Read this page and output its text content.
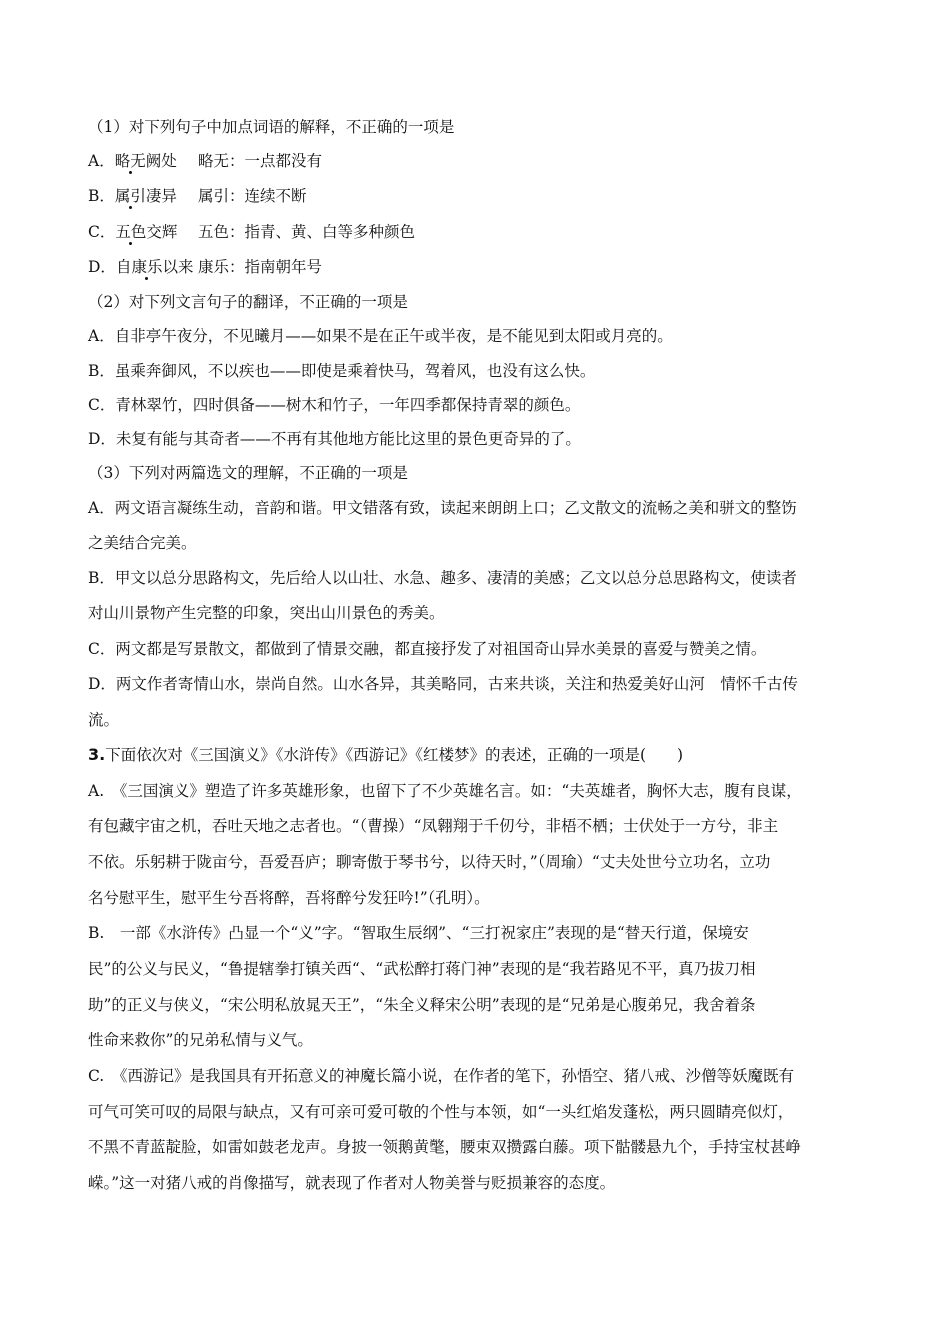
（1）对下列句子中加点词语的解释，不正确的一项是
A．略无阙处 略无：一点都没有
B．属引凄异 属引：连续不断
C．五色交辉 五色：指青、黄、白等多种颜色
D．自康乐以来 康乐：指南朝年号
（2）对下列文言句子的翻译，不正确的一项是
A．自非亭午夜分，不见曦月——如果不是在正午或半夜，是不能见到太阳或月亮的。
B．虽乘奔御风，不以疾也——即使是乘着快马，驾着风，也没有这么快。
C．青林翠竹，四时俱备——树木和竹子，一年四季都保持青翠的颜色。
D．未复有能与其奇者——不再有其他地方能比这里的景色更奇异的了。
（3）下列对两篇选文的理解，不正确的一项是
A．两文语言凝练生动，音韵和谐。甲文错落有致，读起来朗朗上口；乙文散文的流畅之美和骈文的整饬
之美结合完美。
B．甲文以总分思路构文，先后给人以山壮、水急、趣多、凄清的美感；乙文以总分总思路构文，使读者
对山川景物产生完整的印象，突出山川景色的秀美。
C．两文都是写景散文，都做到了情景交融，都直接抒发了对祖国奇山异水美景的喜爱与赞美之情。
D．两文作者寄情山水，崇尚自然。山水各异，其美略同，古来共谈，关注和热爱美好山河　情怀千古传
流。
3.下面依次对《三国演义》《水浒传》《西游记》《红楼梦》的表述，正确的一项是(　　)
A.　《三国演义》塑造了许多英雄形象，也留下了不少英雄名言。如：“夫英雄者，胸怀大志，腹有良谋，
有包藏宇宙之机，吞吐天地之志者也。“（曹操）“凤翱翔于千仞兮，非梧不栖；士伏处于一方兮，非主
不依。乐躬耕于陇亩兮，吾爱吾庐；聊寄傲于琴书兮，以待天时，”（周瑜）“丈夫处世兮立功名，立功
名兮慰平生，慰平生兮吾将醉，吾将醉兮发狂吟!”（孔明）。
B.　一部《水浒传》凸显一个“义”字。“智取生辰纲”、“三打祝家庄”表现的是“替天行道，保境安
民”的公义与民义，“鲁提辖拳打镇关西“、“武松醉打蒋门神”表现的是“我若路见不平，真乃拔刀相
助”的正义与侠义，“宋公明私放晁天王”，“朱全义释宋公明”表现的是“兄弟是心腹弟兄，我舍着条
性命来救你”的兄弟私情与义气。
C.　《西游记》是我国具有开拓意义的神魔长篇小说，在作者的笔下，孙悟空、猪八戒、沙僧等妖魔既有
可气可笑可叹的局限与缺点，又有可亲可爱可敬的个性与本领，如“一头红焰发蓬松，两只圆睛亮似灯，
不黑不青蓝靛脸，如雷如鼓老龙声。身披一领鹅黄氅，腰束双攒露白藤。项下骷髅悬九个，手持宝杖甚峥
嵘。”这一对猪八戒的肖像描写，就表现了作者对人物美誉与贬损兼容的态度。
